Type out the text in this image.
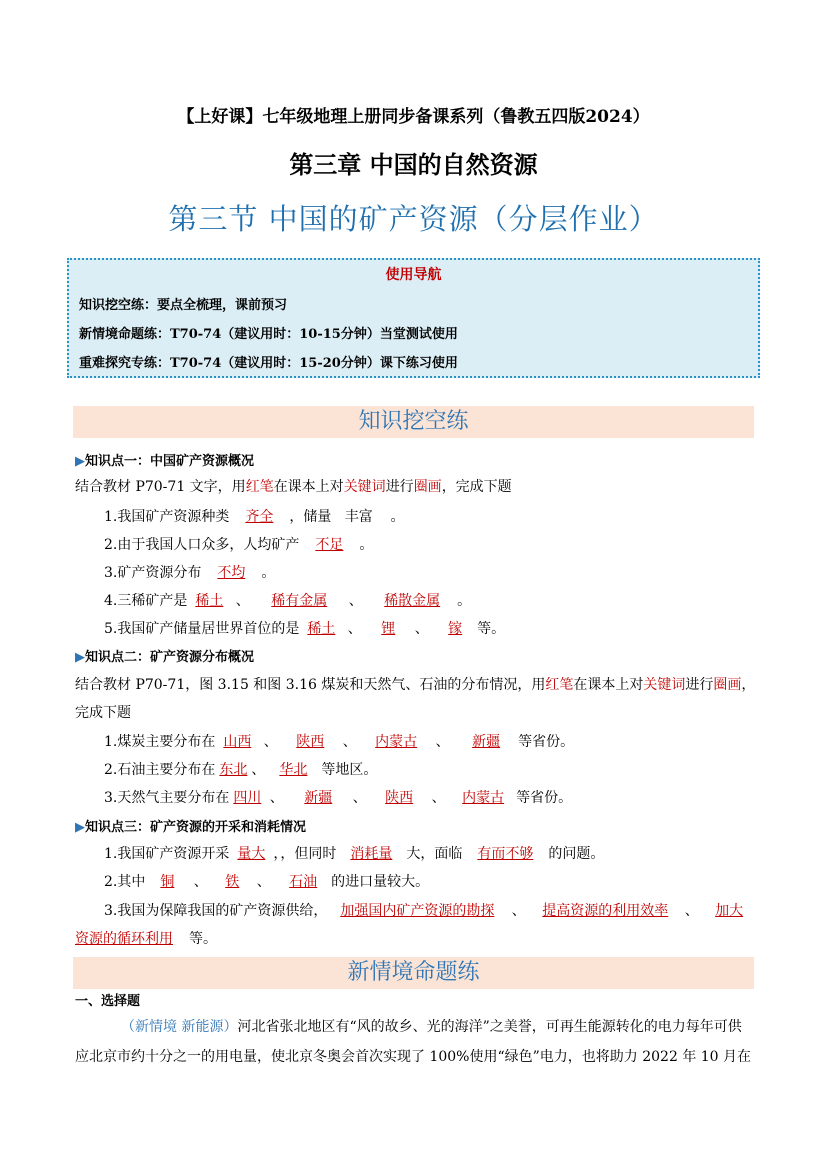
【上好课】七年级地理上册同步备课系列（鲁教五四版2024）
第三章 中国的自然资源
第三节 中国的矿产资源（分层作业）
使用导航
知识挖空练：要点全梳理，课前预习
新情境命题练：T70-74（建议用时：10-15分钟）当堂测试使用
重难探究专练：T70-74（建议用时：15-20分钟）课下练习使用
知识挖空练
▶知识点一：中国矿产资源概况
结合教材 P70-71 文字，用红笔在课本上对关键词进行圈画，完成下题
1.我国矿产资源种类 齐全 ，储量 丰富 。
2.由于我国人口众多，人均矿产 不足 。
3.矿产资源分布 不均 。
4.三稀矿产是 稀土 、 稀有金属 、 稀散金属 。
5.我国矿产储量居世界首位的是 稀土 、 锂 、 镓 等。
▶知识点二：矿产资源分布概况
结合教材 P70-71，图 3.15 和图 3.16 煤炭和天然气、石油的分布情况，用红笔在课本上对关键词进行圈画，
完成下题
1.煤炭主要分布在 山西 、 陕西 、 内蒙古 、 新疆 等省份。
2.石油主要分布在 东北 、 华北 等地区。
3.天然气主要分布在 四川 、 新疆 、 陕西 、 内蒙古 等省份。
▶知识点三：矿产资源的开采和消耗情况
1.我国矿产资源开采 量大 ，，但同时 消耗量 大，面临 有而不够 的问题。
2.其中 铜 、 铁 、 石油 的进口量较大。
3.我国为保障我国的矿产资源供给， 加强国内矿产资源的勘探 、 提高资源的利用效率 、 加大
资源的循环利用 等。
新情境命题练
一、选择题
（新情境 新能源）河北省张北地区有“风的故乡、光的海洋”之美誉，可再生能源转化的电力每年可供
应北京市约十分之一的用电量，使北京冬奥会首次实现了 100%使用“绿色”电力，也将助力 2022 年 10 月在
